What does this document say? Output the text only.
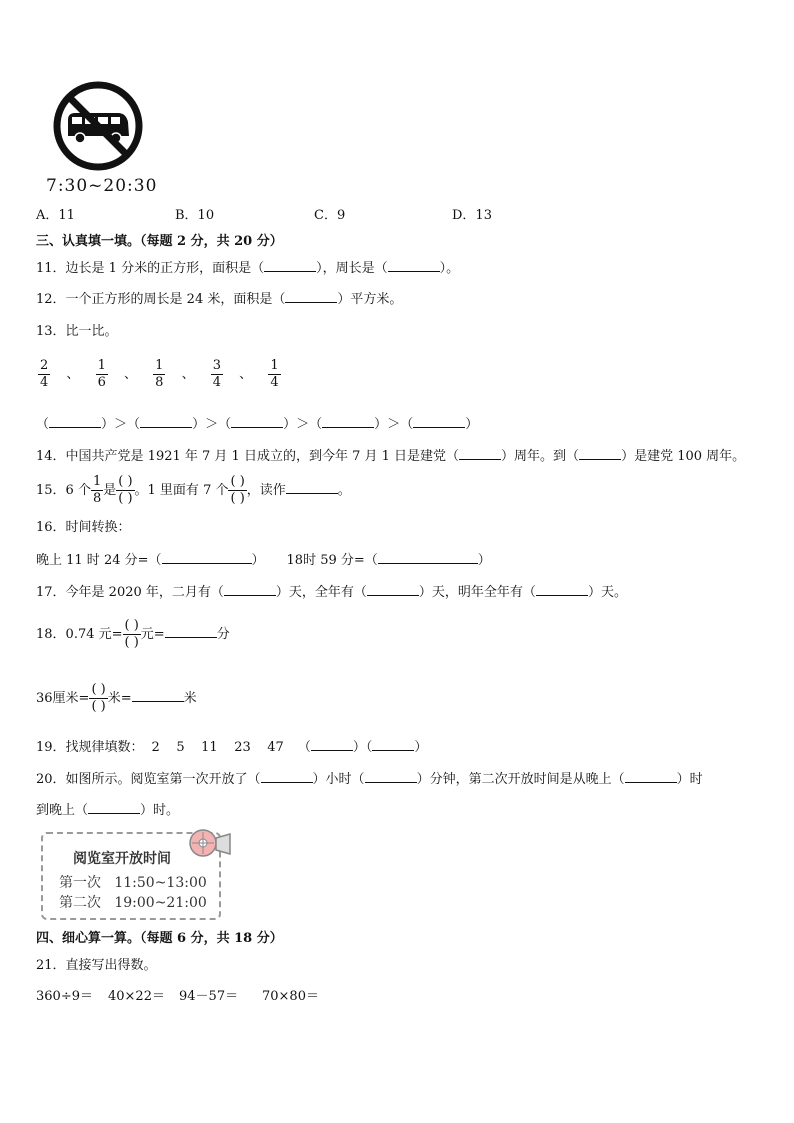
7:30~20:30
A．11	B．10	C．9	D．13
三、认真填一填。（每题 2 分，共 20 分）
11．边长是 1 分米的正方形，面积是（	），周长是（	）。
12．一个正方形的周长是 24 米，面积是（	）平方米。
13．比一比。
$\frac{2}{4}$ 、 $\frac{1}{6}$ 、 $\frac{1}{8}$ 、 $\frac{3}{4}$ 、 $\frac{1}{4}$
（	）＞（	）＞（	）＞（	）＞（	）
14．中国共产党是 1921 年 7 月 1 日成立的，到今年 7 月 1 日是建党（	）周年。到（	）是建党 100 周年。
15．6 个 $\frac{1}{8}$ 是 $\frac{( )}{( )}$ 。1 里面有 7 个 $\frac{( )}{( )}$ ，读作	。
16．时间转换：
晚上 11 时 24 分=（	） 18时 59 分=（	）
17．今年是 2020 年，二月有（	）天，全年有（	）天，明年全年有（	）天。
18．0.74 元= $\frac{( )}{( )}$ 元=	分
36厘米= $\frac{( )}{( )}$ 米=	米
19．找规律填数： 2    5    11    23    47 （	）（	）
20．如图所示。阅览室第一次开放了（	）小时（	）分钟，第二次开放时间是从晚上（	）时
到晚上（	）时。
阅览室开放时间
第一次   11:50~13:00
第二次   19:00~21:00
四、细心算一算。（每题 6 分，共 18 分）
21．直接写出得数。
360÷9＝ 40×22＝ 94－57＝ 70×80＝
